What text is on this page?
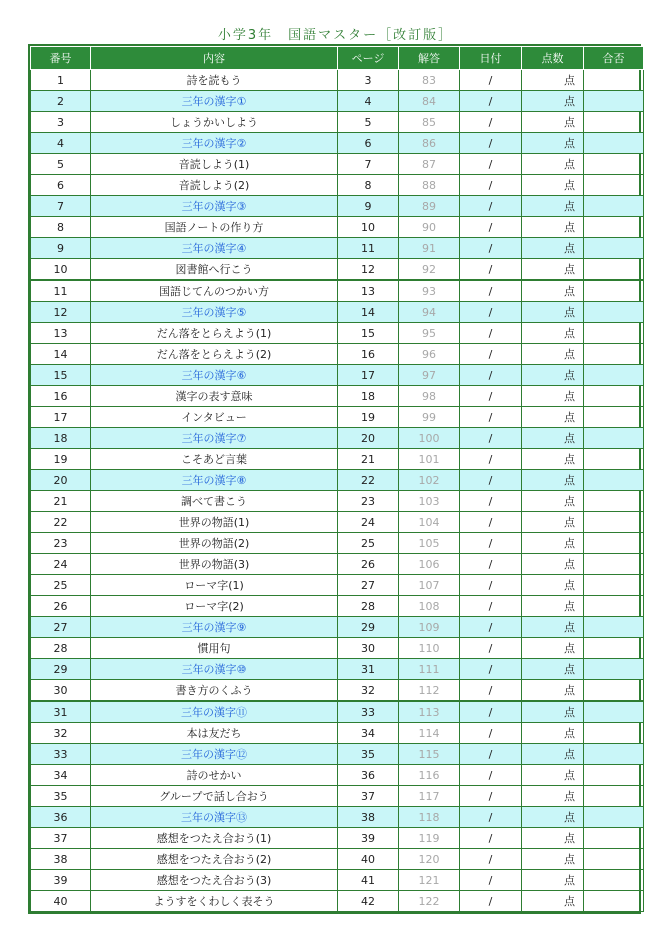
小学3年　国語マスター［改訂版］
番号	内容	ページ	解答	日付	点数	合否
1	詩を読もう	3	83	/	点	
2	三年の漢字①	4	84	/	点	
3	しょうかいしよう	5	85	/	点	
4	三年の漢字②	6	86	/	点	
5	音読しよう(1)	7	87	/	点	
6	音読しよう(2)	8	88	/	点	
7	三年の漢字③	9	89	/	点	
8	国語ノートの作り方	10	90	/	点	
9	三年の漢字④	11	91	/	点	
10	図書館へ行こう	12	92	/	点	
11	国語じてんのつかい方	13	93	/	点	
12	三年の漢字⑤	14	94	/	点	
13	だん落をとらえよう(1)	15	95	/	点	
14	だん落をとらえよう(2)	16	96	/	点	
15	三年の漢字⑥	17	97	/	点	
16	漢字の表す意味	18	98	/	点	
17	インタビュー	19	99	/	点	
18	三年の漢字⑦	20	100	/	点	
19	こそあど言葉	21	101	/	点	
20	三年の漢字⑧	22	102	/	点	
21	調べて書こう	23	103	/	点	
22	世界の物語(1)	24	104	/	点	
23	世界の物語(2)	25	105	/	点	
24	世界の物語(3)	26	106	/	点	
25	ローマ字(1)	27	107	/	点	
26	ローマ字(2)	28	108	/	点	
27	三年の漢字⑨	29	109	/	点	
28	慣用句	30	110	/	点	
29	三年の漢字⑩	31	111	/	点	
30	書き方のくふう	32	112	/	点	
31	三年の漢字⑪	33	113	/	点	
32	本は友だち	34	114	/	点	
33	三年の漢字⑫	35	115	/	点	
34	詩のせかい	36	116	/	点	
35	グループで話し合おう	37	117	/	点	
36	三年の漢字⑬	38	118	/	点	
37	感想をつたえ合おう(1)	39	119	/	点	
38	感想をつたえ合おう(2)	40	120	/	点	
39	感想をつたえ合おう(3)	41	121	/	点	
40	ようすをくわしく表そう	42	122	/	点	
